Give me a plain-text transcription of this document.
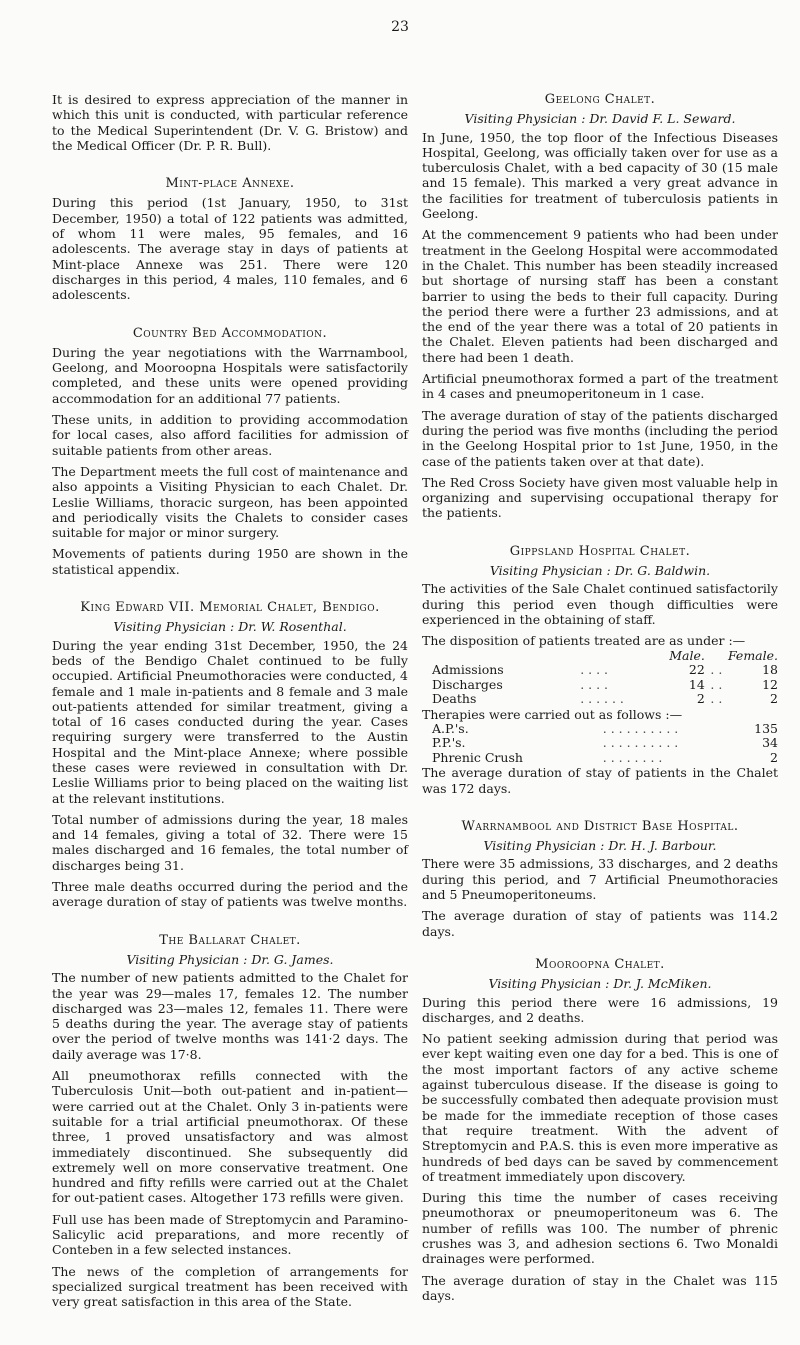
23

It is desired to express appreciation of the manner in which this unit is conducted, with particular reference to the Medical Superintendent (Dr. V. G. Bristow) and the Medical Officer (Dr. P. R. Bull).

Mint-place Annexe.

During this period (1st January, 1950, to 31st December, 1950) a total of 122 patients was admitted, of whom 11 were males, 95 females, and 16 adolescents. The average stay in days of patients at Mint-place Annexe was 251. There were 120 discharges in this period, 4 males, 110 females, and 6 adolescents.

Country Bed Accommodation.

During the year negotiations with the Warrnambool, Geelong, and Mooroopna Hospitals were satisfactorily completed, and these units were opened providing accommodation for an additional 77 patients.

These units, in addition to providing accommodation for local cases, also afford facilities for admission of suitable patients from other areas.

The Department meets the full cost of maintenance and also appoints a Visiting Physician to each Chalet. Dr. Leslie Williams, thoracic surgeon, has been appointed and periodically visits the Chalets to consider cases suitable for major or minor surgery.

Movements of patients during 1950 are shown in the statistical appendix.

King Edward VII. Memorial Chalet, Bendigo.
Visiting Physician : Dr. W. Rosenthal.

During the year ending 31st December, 1950, the 24 beds of the Bendigo Chalet continued to be fully occupied. Artificial Pneumothoracies were conducted, 4 female and 1 male in-patients and 8 female and 3 male out-patients attended for similar treatment, giving a total of 16 cases conducted during the year. Cases requiring surgery were transferred to the Austin Hospital and the Mint-place Annexe; where possible these cases were reviewed in consultation with Dr. Leslie Williams prior to being placed on the waiting list at the relevant institutions.

Total number of admissions during the year, 18 males and 14 females, giving a total of 32. There were 15 males discharged and 16 females, the total number of discharges being 31.

Three male deaths occurred during the period and the average duration of stay of patients was twelve months.

The Ballarat Chalet.
Visiting Physician : Dr. G. James.

The number of new patients admitted to the Chalet for the year was 29—males 17, females 12. The number discharged was 23—males 12, females 11. There were 5 deaths during the year. The average stay of patients over the period of twelve months was 141·2 days. The daily average was 17·8.

All pneumothorax refills connected with the Tuberculosis Unit—both out-patient and in-patient—were carried out at the Chalet. Only 3 in-patients were suitable for a trial artificial pneumothorax. Of these three, 1 proved unsatisfactory and was almost immediately discontinued. She subsequently did extremely well on more conservative treatment. One hundred and fifty refills were carried out at the Chalet for out-patient cases. Altogether 173 refills were given.

Full use has been made of Streptomycin and Paramino-Salicylic acid preparations, and more recently of Conteben in a few selected instances.

The news of the completion of arrangements for specialized surgical treatment has been received with very great satisfaction in this area of the State.

Geelong Chalet.
Visiting Physician : Dr. David F. L. Seward.

In June, 1950, the top floor of the Infectious Diseases Hospital, Geelong, was officially taken over for use as a tuberculosis Chalet, with a bed capacity of 30 (15 male and 15 female). This marked a very great advance in the facilities for treatment of tuberculosis patients in Geelong.

At the commencement 9 patients who had been under treatment in the Geelong Hospital were accommodated in the Chalet. This number has been steadily increased but shortage of nursing staff has been a constant barrier to using the beds to their full capacity. During the period there were a further 23 admissions, and at the end of the year there was a total of 20 patients in the Chalet. Eleven patients had been discharged and there had been 1 death.

Artificial pneumothorax formed a part of the treatment in 4 cases and pneumoperitoneum in 1 case.

The average duration of stay of the patients discharged during the period was five months (including the period in the Geelong Hospital prior to 1st June, 1950, in the case of the patients taken over at that date).

The Red Cross Society have given most valuable help in organizing and supervising occupational therapy for the patients.

Gippsland Hospital Chalet.
Visiting Physician : Dr. G. Baldwin.

The activities of the Sale Chalet continued satisfactorily during this period even though difficulties were experienced in the obtaining of staff.

The disposition of patients treated are as under :—

		Male.		Female.
Admissions	. . . .	22	. .	18
Discharges	. . . .	14	. .	12
Deaths	. . . . . .	2	. .	2

Therapies were carried out as follows :—

A.P.'s.	. . . . . . . . . .	135
P.P.'s.	. . . . . . . . . .	34
Phrenic Crush	. . . . . . . .	2

The average duration of stay of patients in the Chalet was 172 days.

Warrnambool and District Base Hospital.
Visiting Physician : Dr. H. J. Barbour.

There were 35 admissions, 33 discharges, and 2 deaths during this period, and 7 Artificial Pneumothoracies and 5 Pneumoperitoneums.

The average duration of stay of patients was 114.2 days.

Mooroopna Chalet.
Visiting Physician : Dr. J. McMiken.

During this period there were 16 admissions, 19 discharges, and 2 deaths.

No patient seeking admission during that period was ever kept waiting even one day for a bed. This is one of the most important factors of any active scheme against tuberculous disease. If the disease is going to be successfully combated then adequate provision must be made for the immediate reception of those cases that require treatment. With the advent of Streptomycin and P.A.S. this is even more imperative as hundreds of bed days can be saved by commencement of treatment immediately upon discovery.

During this time the number of cases receiving pneumothorax or pneumoperitoneum was 6. The number of refills was 100. The number of phrenic crushes was 3, and adhesion sections 6. Two Monaldi drainages were performed.

The average duration of stay in the Chalet was 115 days.
